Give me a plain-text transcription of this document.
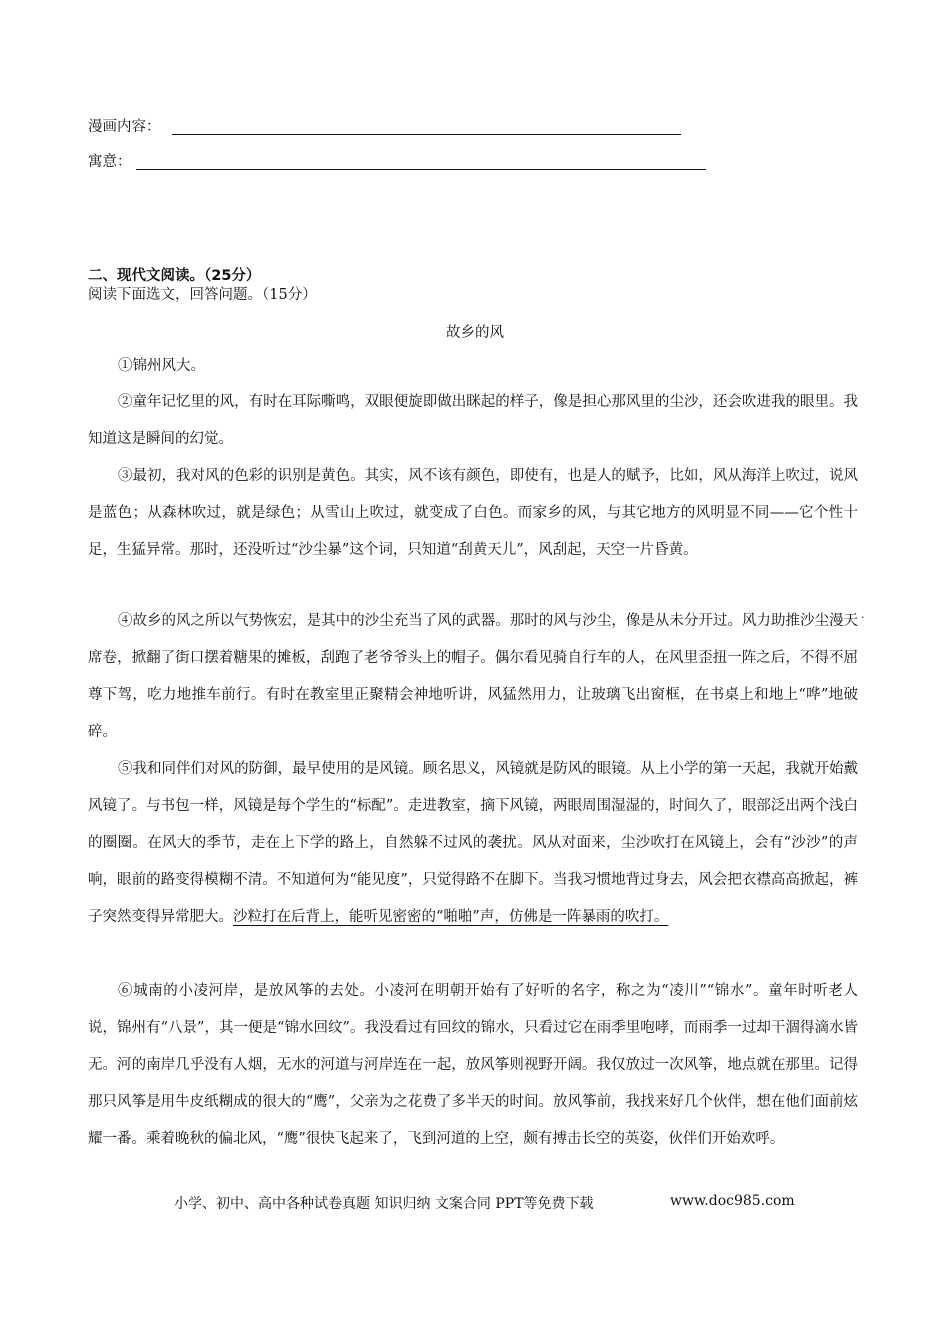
漫画内容：
寓意：
二、现代文阅读。（25分）
阅读下面选文，回答问题。（15分）
故乡的风
①锦州风大。
②童年记忆里的风，有时在耳际嘶鸣，双眼便旋即做出眯起的样子，像是担心那风里的尘沙，还会吹进我的眼里。我知道这是瞬间的幻觉。
③最初，我对风的色彩的识别是黄色。其实，风不该有颜色，即使有，也是人的赋予，比如，风从海洋上吹过，说风是蓝色；从森林吹过，就是绿色；从雪山上吹过，就变成了白色。而家乡的风，与其它地方的风明显不同——它个性十足，生猛异常。那时，还没听过“沙尘暴”这个词，只知道“刮黄天儿”，风刮起，天空一片昏黄。
④故乡的风之所以气势恢宏，是其中的沙尘充当了风的武器。那时的风与沙尘，像是从未分开过。风力助推沙尘· · · · 漫天席卷，掀翻了街口摆着糖果的摊板，刮跑了老爷爷头上的帽子。偶尔看见骑自行车的人，在风里歪扭一阵之后，不得不屈尊下驾，吃力地推车前行。有时在教室里正聚精会神地听讲，风猛然用力，让玻璃飞出窗框，在书桌上和地上“哗”地破碎。
⑤我和同伴们对风的防御，最早使用的是风镜。顾名思义，风镜就是防风的眼镜。从上小学的第一天起，我就开始戴风镜了。与书包一样，风镜是每个学生的“标配”。走进教室，摘下风镜，两眼周围湿湿的，时间久了，眼部泛出两个浅白的圈圈。在风大的季节，走在上下学的路上，自然躲不过风的袭扰。风从对面来，尘沙吹打在风镜上，会有“沙沙”的声响，眼前的路变得模糊不清。不知道何为“能见度”，只觉得路不在脚下。当我习惯地背过身去，风会把衣襟高高掀起，裤子突然变得异常肥大。沙粒打在后背上，能听见密密的“啪啪”声，仿佛是一阵暴雨的吹打。
⑥城南的小凌河岸，是放风筝的去处。小凌河在明朝开始有了好听的名字，称之为“凌川”“锦水”。童年时听老人说，锦州有“八景”，其一便是“锦水回纹”。我没看过有回纹的锦水，只看过它在雨季里咆哮，而雨季一过却干涸得滴水皆无。河的南岸几乎没有人烟，无水的河道与河岸连在一起，放风筝则视野开阔。我仅放过一次风筝，地点就在那里。记得那只风筝是用牛皮纸糊成的很大的“鹰”，父亲为之花费了多半天的时间。放风筝前，我找来好几个伙伴，想在他们面前炫耀一番。乘着晚秋的偏北风，“鹰”很快飞起来了，飞到河道的上空，颇有搏击长空的英姿，伙伴们开始欢呼。
小学、初中、高中各种试卷真题 知识归纳 文案合同 PPT等免费下载	www.doc985.com
